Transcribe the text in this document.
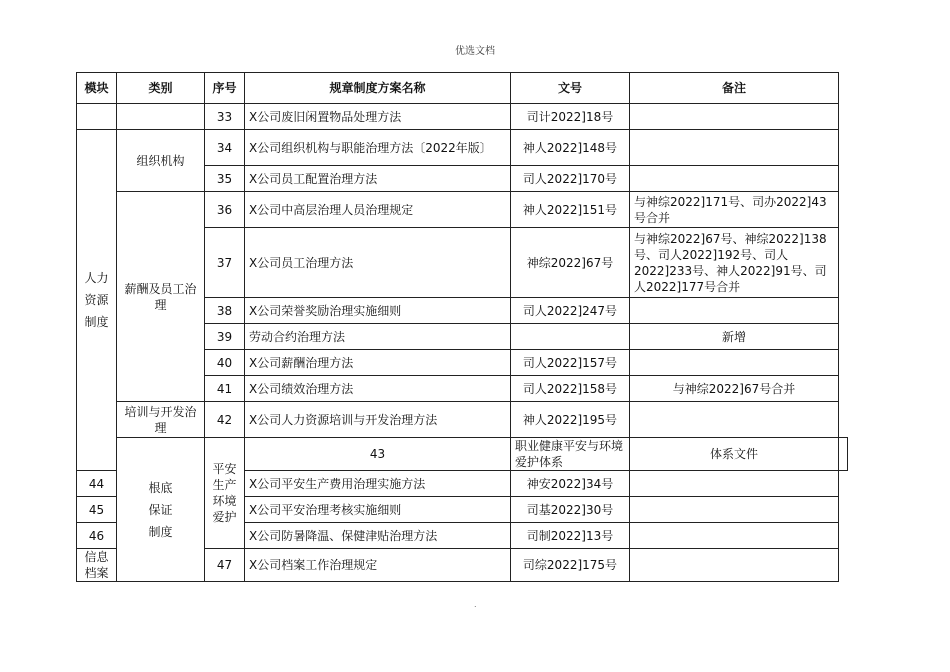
优选文档
模块	类别	序号	规章制度方案名称	文号	备注	
		33	X公司废旧闲置物品处理方法	司计2022]18号		
人力资源制度	组织机构	34	X公司组织机构与职能治理方法〔2022年版〕	神人2022]148号		
		35	X公司员工配置治理方法	司人2022]170号		
	薪酬及员工治理	36	X公司中高层治理人员治理规定	神人2022]151号	与神综2022]171号、司办2022]43号合并	
		37	X公司员工治理方法	神综2022]67号	与神综2022]67号、神综2022]138号、司人2022]192号、司人2022]233号、神人2022]91号、司人2022]177号合并	
		38	X公司荣誉奖励治理实施细则	司人2022]247号		
		39	劳动合约治理方法		新增	
		40	X公司薪酬治理方法	司人2022]157号		
		41	X公司绩效治理方法	司人2022]158号	与神综2022]67号合并	
	培训与开发治理	42	X公司人力资源培训与开发治理方法	神人2022]195号		
	根底保证制度	平安生产环境爱护	43	职业健康平安与环境爱护体系	体系文件	
44			X公司平安生产费用治理实施方法	神安2022]34号		
45			X公司平安治理考核实施细则	司基2022]30号		
46			X公司防暑降温、保健津贴治理方法	司制2022]13号		
信息档案		47	X公司档案工作治理规定	司综2022]175号		
.
